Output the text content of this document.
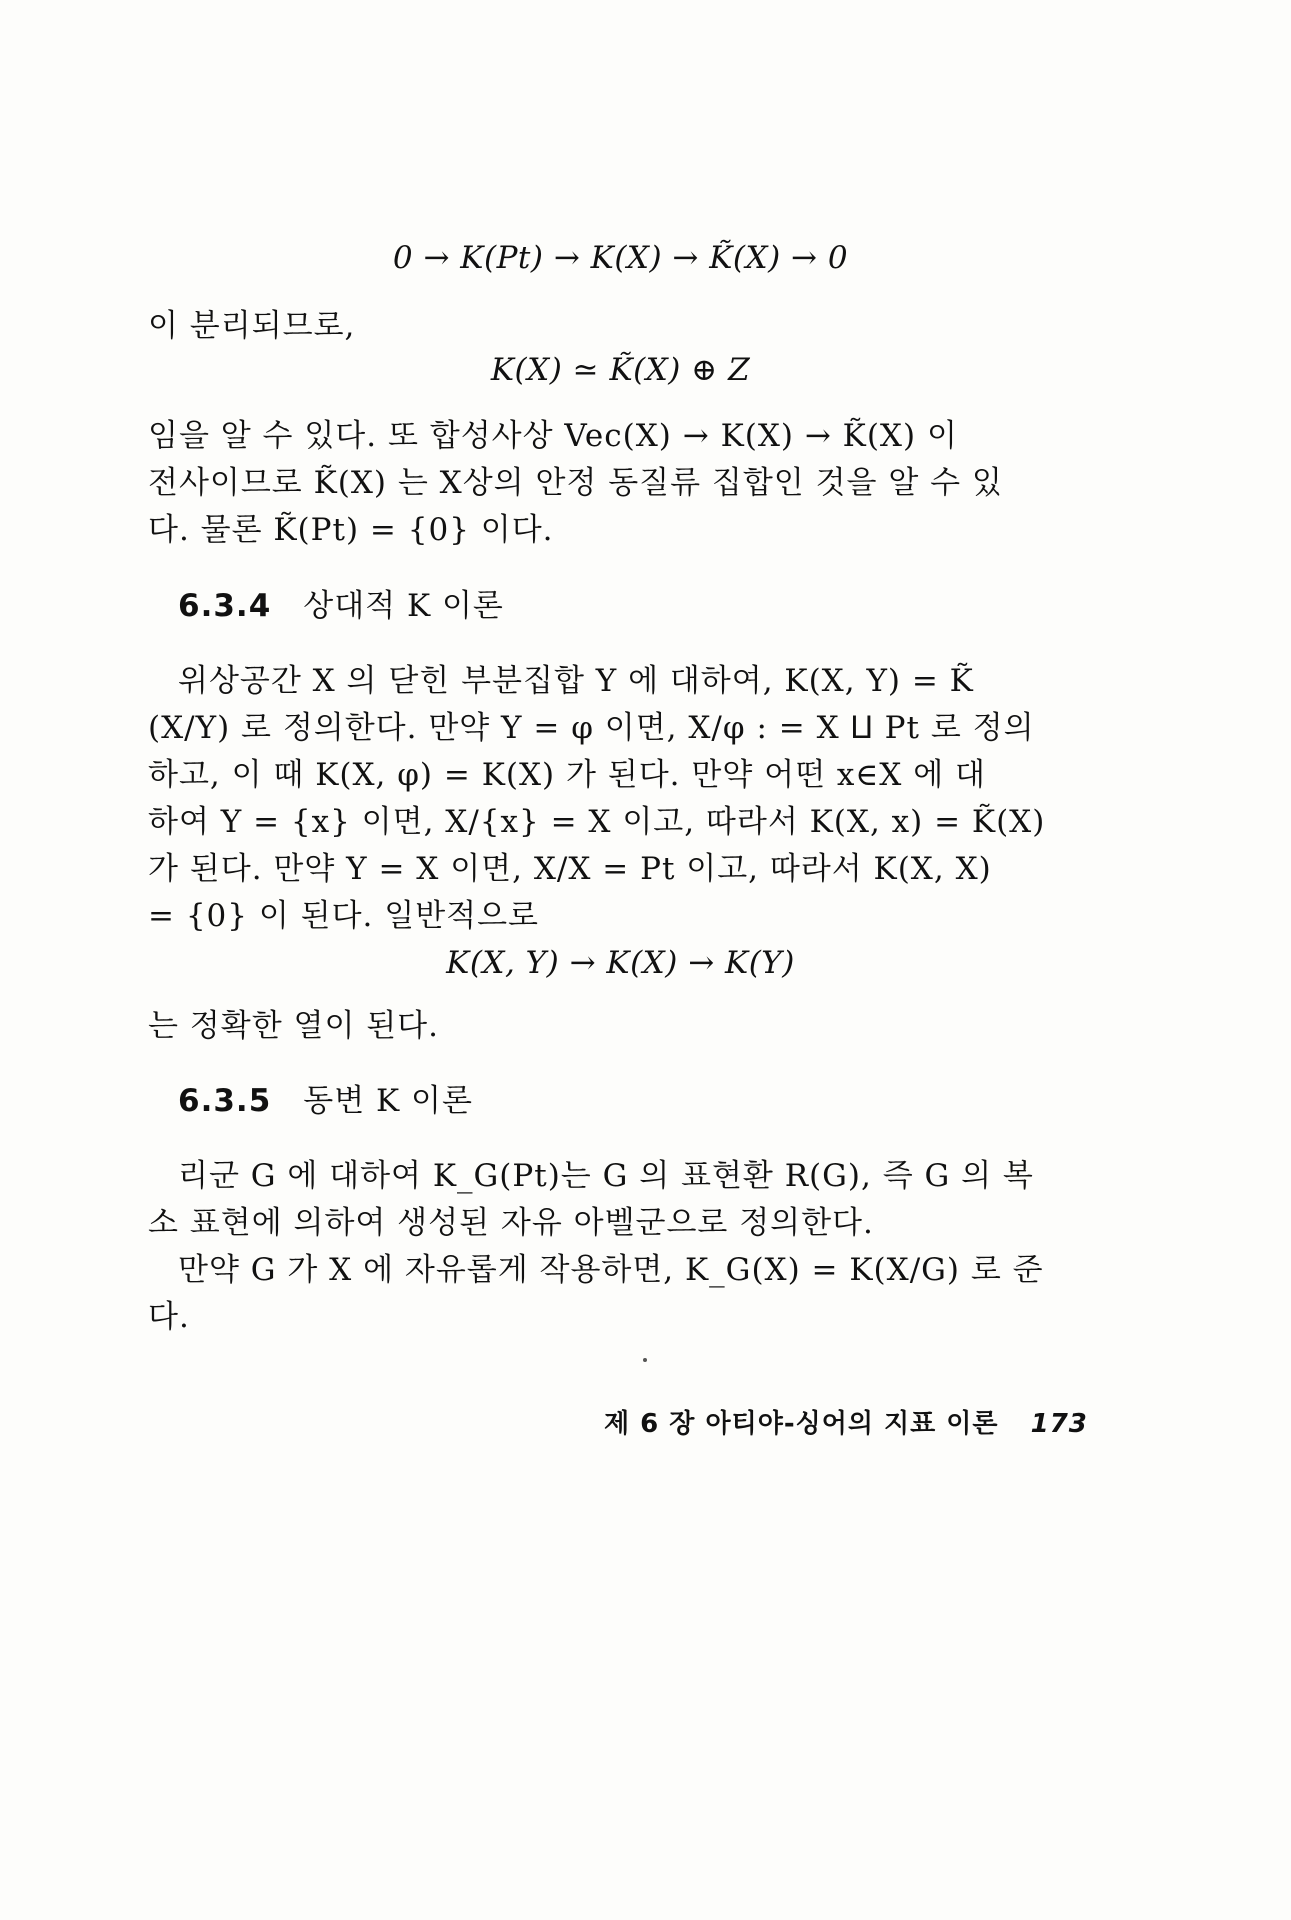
0 → K(Pt) → K(X) → K̃(X) → 0
이 분리되므로,
K(X) ≃ K̃(X) ⊕ Z
임을 알 수 있다. 또 합성사상 Vec(X) → K(X) → K̃(X) 이
전사이므로 K̃(X) 는 X상의 안정 동질류 집합인 것을 알 수 있
다. 물론 K̃(Pt) = {0} 이다.
6.3.4 상대적 K 이론
위상공간 X 의 닫힌 부분집합 Y 에 대하여, K(X, Y) = K̃
(X/Y) 로 정의한다. 만약 Y = φ 이면, X/φ : = X ⨿ Pt 로 정의
하고, 이 때 K(X, φ) = K(X) 가 된다. 만약 어떤 x∈X 에 대
하여 Y = {x} 이면, X/{x} = X 이고, 따라서 K(X, x) = K̃(X)
가 된다. 만약 Y = X 이면, X/X = Pt 이고, 따라서 K(X, X)
= {0} 이 된다. 일반적으로
K(X, Y) → K(X) → K(Y)
는 정확한 열이 된다.
6.3.5 동변 K 이론
리군 G 에 대하여 K_G(Pt)는 G 의 표현환 R(G), 즉 G 의 복
소 표현에 의하여 생성된 자유 아벨군으로 정의한다.
만약 G 가 X 에 자유롭게 작용하면, K_G(X) = K(X/G) 로 준
다.
제 6 장 아티야-싱어의 지표 이론 173
